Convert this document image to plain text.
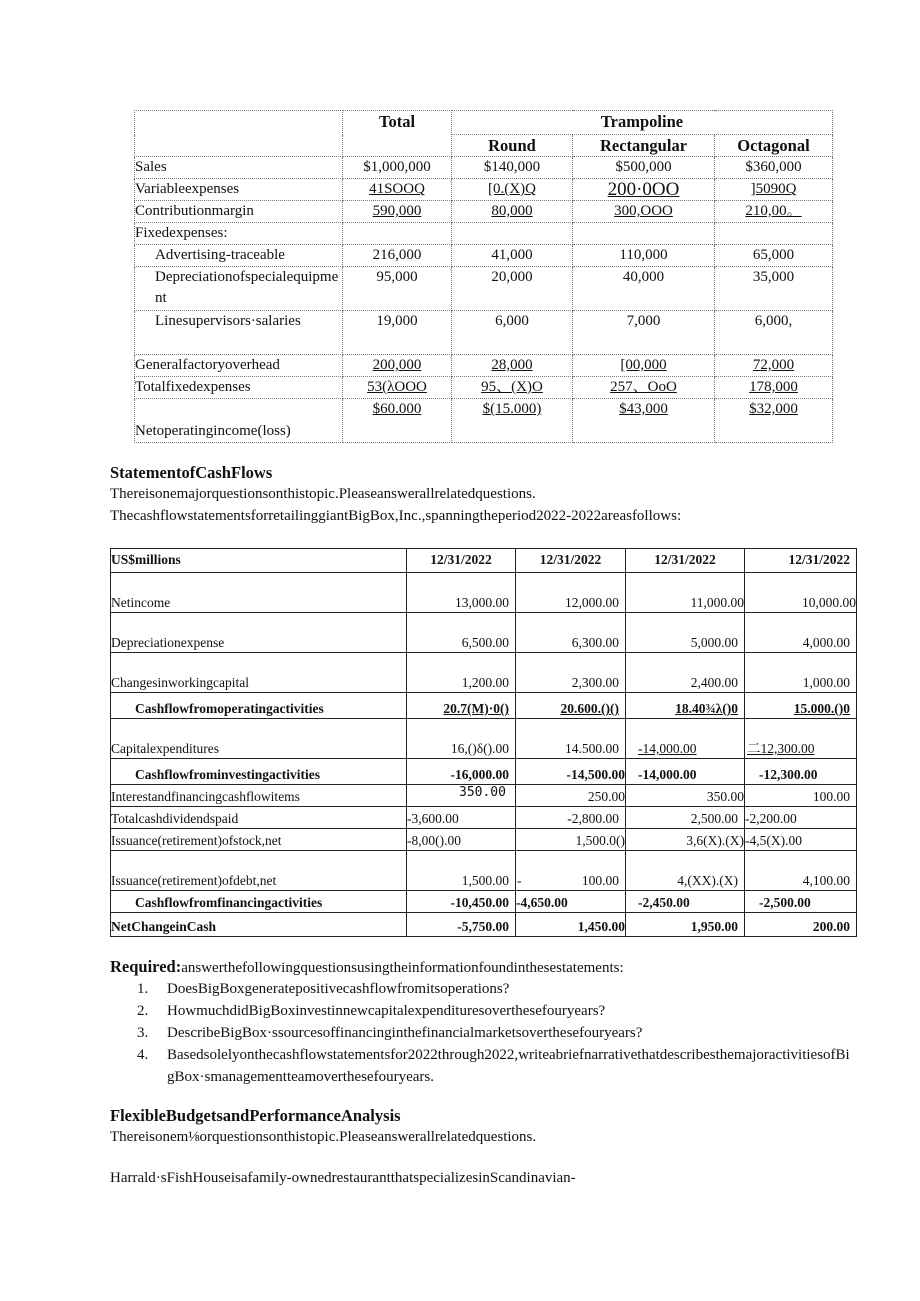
	Total	Trampoline		
		Round	Rectangular	Octagonal
Sales	$1,000,000	$140,000	$500,000	$360,000
Variableexpenses	41SOOQ	[0.(X)Q	200·0OO	]5090Q
Contributionmargin	590,000	80,000	300,OOO	210,00。
Fixedexpenses:				
Advertising-traceable	216,000	41,000	110,000	65,000
Depreciationofspecialequipment	95,000	20,000	40,000	35,000
Linesupervisors·salaries	19,000	6,000	7,000	6,000,
Generalfactoryoverhead	200,000	28,000	[00,000	72,000
Totalfixedexpenses	53(λOOO	95、(X)O	257、OoO	178,000
Netoperatingincome(loss)	$60.000	$(15.000)	$43,000	$32,000
StatementofCashFlows
Thereisonemajorquestionsonthistopic.Pleaseanswerallrelatedquestions.
ThecashflowstatementsforretailinggiantBigBox,Inc.,spanningtheperiod2022-2022areasfollows:
US$millions	12/31/2022	12/31/2022	12/31/2022	12/31/2022
Netincome	13,000.00	12,000.00	11,000.00	10,000.00
Depreciationexpense	6,500.00	6,300.00	5,000.00	4,000.00
Changesinworkingcapital	1,200.00	2,300.00	2,400.00	1,000.00
Cashflowfromoperatingactivities	20.7(M)·0()	20.600.()()	18.40¾λ()0	15.000.()0
Capitalexpenditures	16,()δ().00	14.500.00	-14,000.00	二12,300.00
Cashflowfrominvestingactivities	-16,000.00	-14,500.00	-14,000.00	-12,300.00
Interestandfinancingcashflowitems	350.00	250.00	350.00	100.00
Totalcashdividendspaid	-3,600.00	-2,800.00	2,500.00	-2,200.00
Issuance(retirement)ofstock,net	-8,00().00	1,500.0()	3,6(X).(X)	-4,5(X).00
Issuance(retirement)ofdebt,net	1,500.00	- 100.00	4,(XX).(X)	4,100.00
Cashflowfromfinancingactivities	-10,450.00	-4,650.00	-2,450.00	-2,500.00
NetChangeinCash	-5,750.00	1,450.00	1,950.00	200.00
Required:answerthefollowingquestionsusingtheinformationfoundinthesestatements:
1. DoesBigBoxgeneratepositivecashflowfromitsoperations?
2. HowmuchdidBigBoxinvestinnewcapitalexpendituresoverthesefouryears?
3. DescribeBigBox·ssourcesoffinancinginthefinancialmarketsoverthesefouryears?
4. Basedsolelyonthecashflowstatementsfor2022through2022,writeabriefnarrativethatdescribesthemajoractivitiesofBigBox·smanagementteamoverthesefouryears.
FlexibleBudgetsandPerformanceAnalysis
Thereisonem⅛orquestionsonthistopic.Pleaseanswerallrelatedquestions.
Harrald·sFishHouseisafamily-ownedrestaurantthatspecializesinScandinavian-
